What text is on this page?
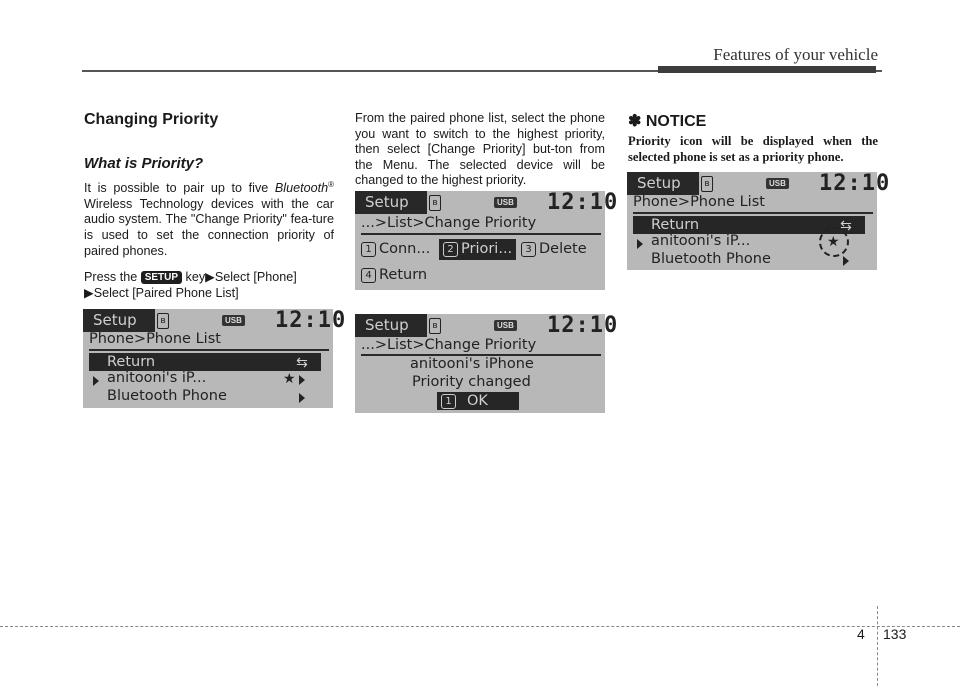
Features of your vehicle
Changing Priority
What is Priority?
It is possible to pair up to five Bluetooth® Wireless Technology devices with the car audio system. The "Change Priority" fea-ture is used to set the connection priority of paired phones.
Press the SETUP key▶Select [Phone]
▶Select [Paired Phone List]
Setup	ʙ	USB 12:10
Phone>Phone List
Return	⇆
anitooni's iP...	★
Bluetooth Phone
From the paired phone list, select the phone you want to switch to the highest priority, then select [Change Priority] but-ton from the Menu. The selected device will be changed to the highest priority.
Setup	ʙ	USB 12:10
...>List>Change Priority
1 Conn...	2 Priori...	3 Delete
4 Return
Setup	ʙ	USB 12:10
...>List>Change Priority
anitooni's iPhone
Priority changed
1 OK
✽ NOTICE
Priority icon will be displayed when the selected phone is set as a priority phone.
Setup	ʙ	USB 12:10
Phone>Phone List
Return	⇆
anitooni's iP...
Bluetooth Phone
★
4 133
